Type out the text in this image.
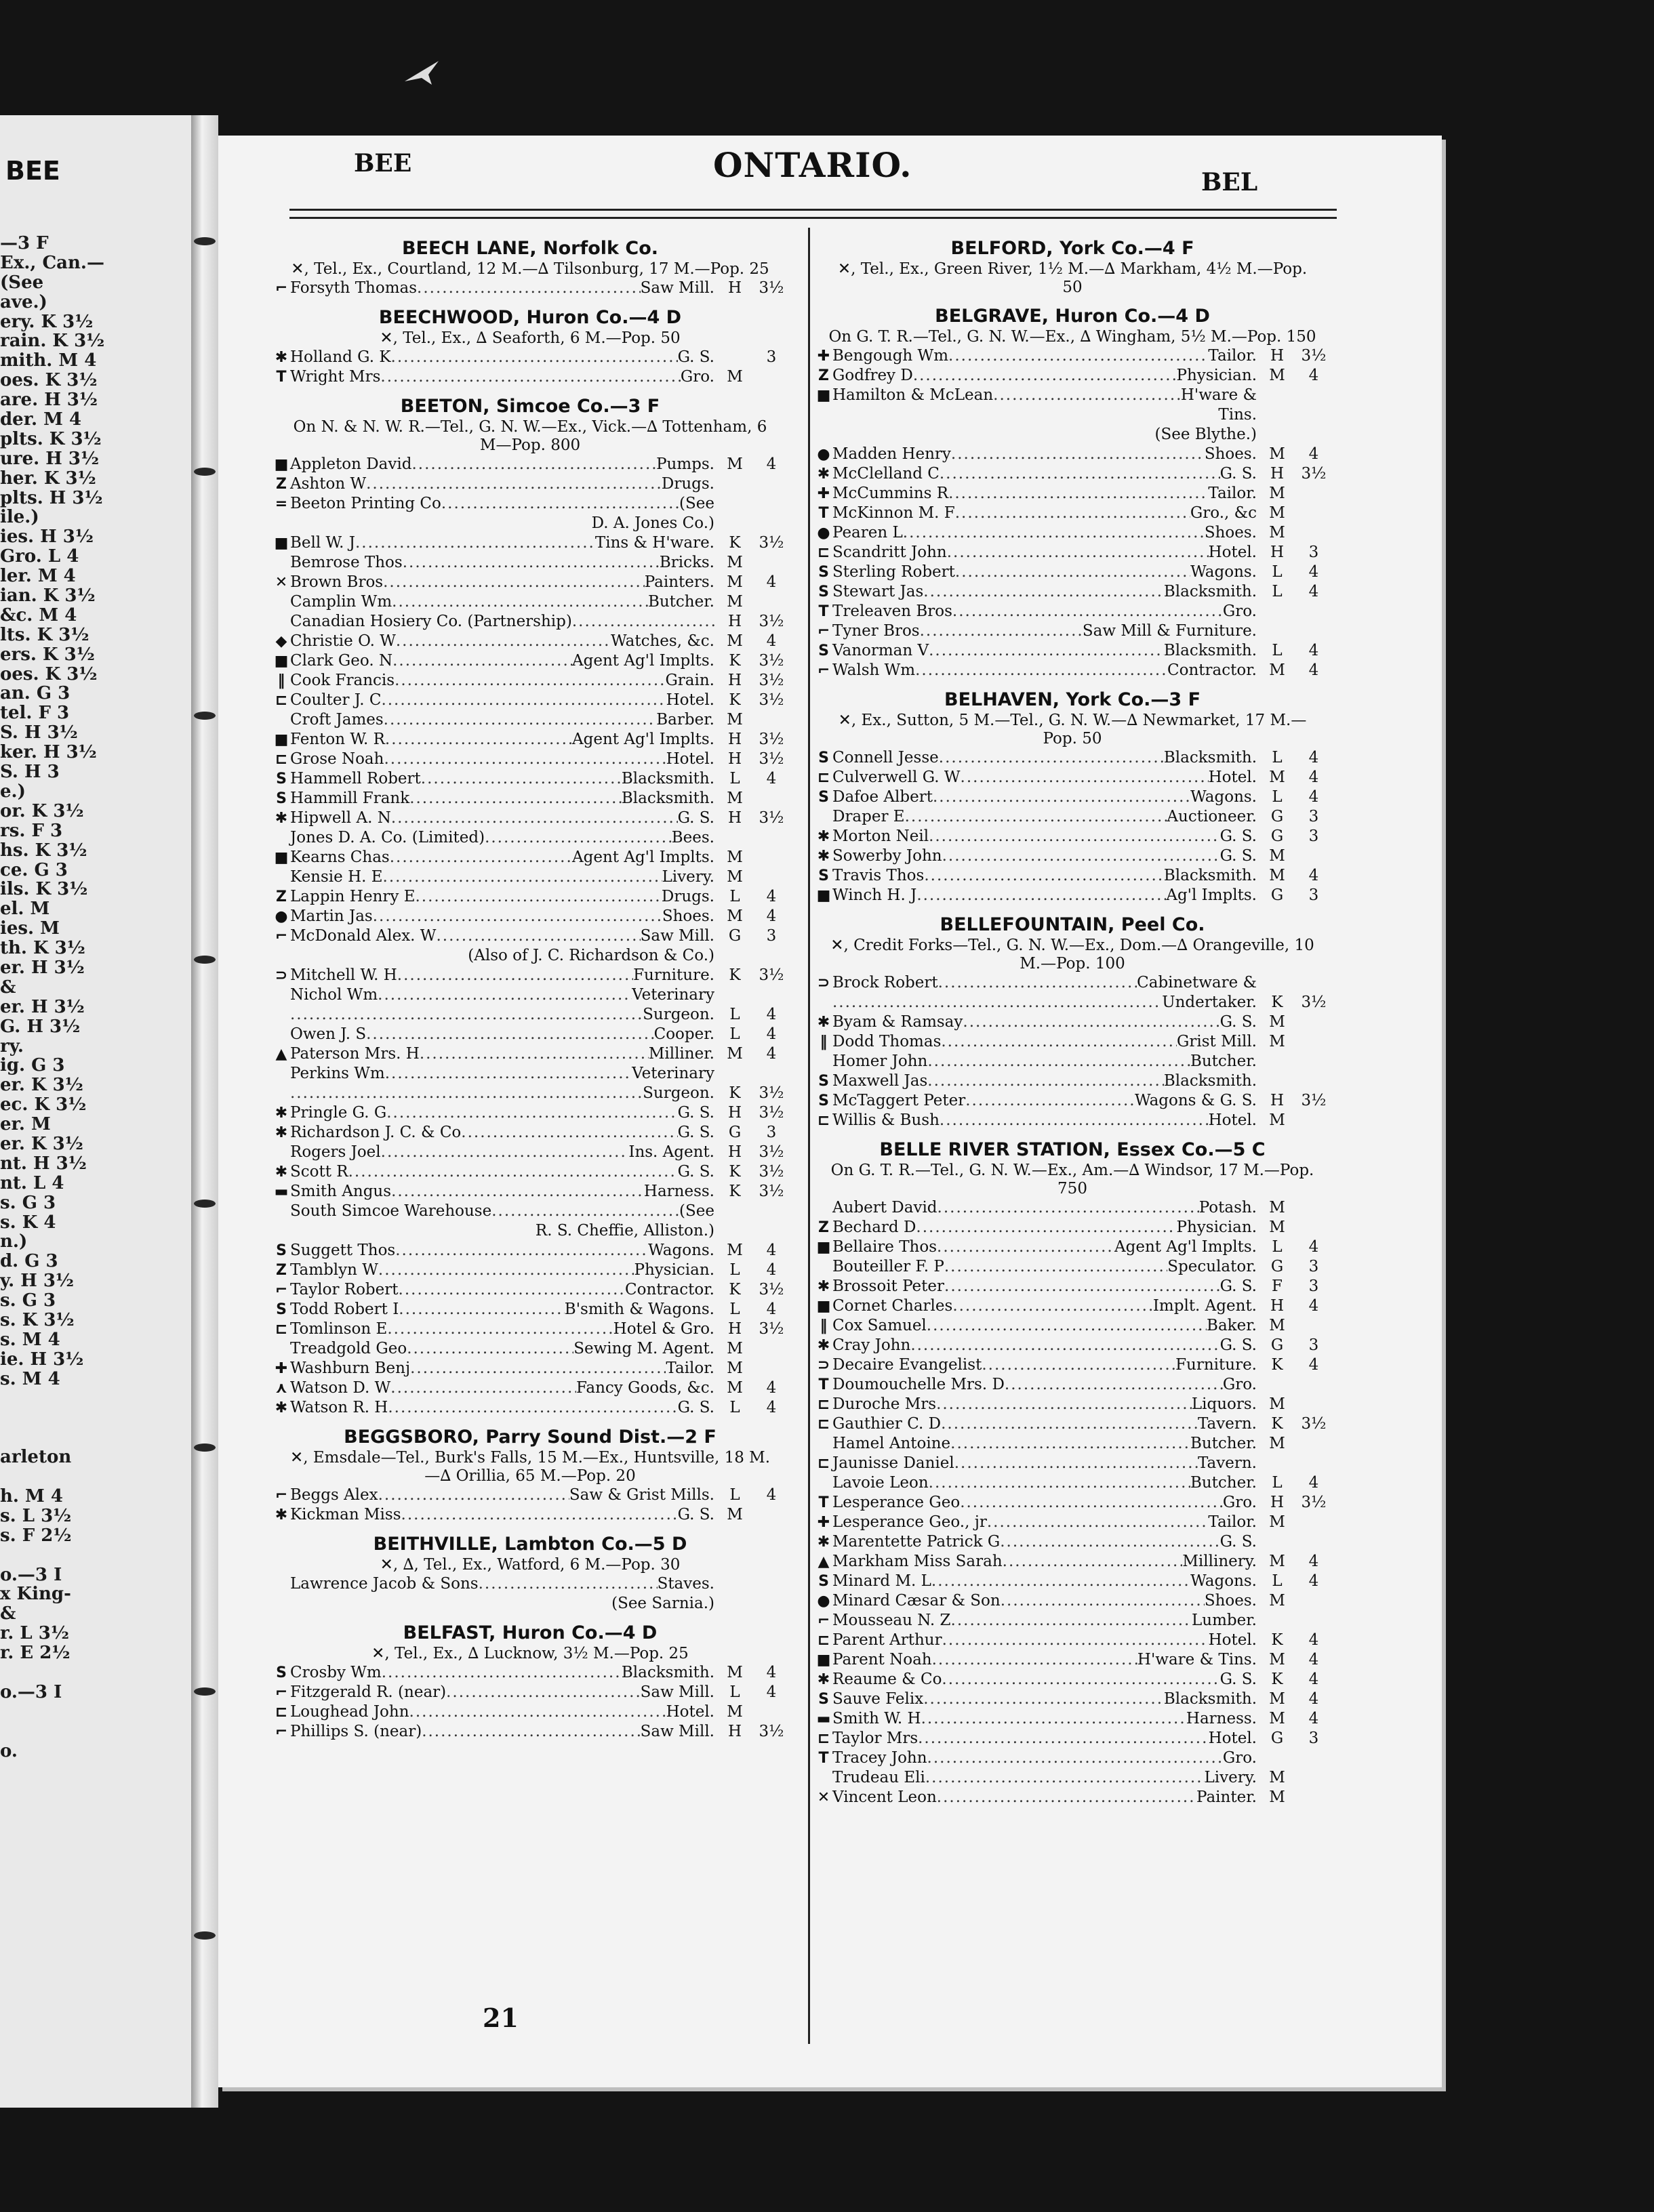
BEE
—3 F
Ex., Can.—
(See
ave.)
ery. K 3½
rain. K 3½
mith. M 4
oes. K 3½
are. H 3½
der. M 4
plts. K 3½
ure. H 3½
her. K 3½
plts. H 3½
ile.)
ies. H 3½
Gro. L 4
ler. M 4
ian. K 3½
&c. M 4
lts. K 3½
ers. K 3½
oes. K 3½
an. G 3
tel. F 3
S. H 3½
ker. H 3½
S. H 3
e.)
or. K 3½
rs. F 3
hs. K 3½
ce. G 3
ils. K 3½
el. M
ies. M
th. K 3½
er. H 3½
&
er. H 3½
G. H 3½
ry.
ig. G 3
er. K 3½
ec. K 3½
er. M
er. K 3½
nt. H 3½
nt. L 4
s. G 3
s. K 4
n.)
d. G 3
y. H 3½
s. G 3
s. K 3½
s. M 4
ie. H 3½
s. M 4
arleton
h. M 4
s. L 3½
s. F 2½
o.—3 I
x King-
&
r. L 3½
r. E 2½
o.—3 I
o.
BEE	ONTARIO.	BEL
BEECH LANE, Norfolk Co.
✕, Tel., Ex., Courtland, 12 M.—∆ Tilsonburg, 17 M.—Pop. 25
⌐ Forsyth Thomas .....	Saw Mill. H	3½
BEECHWOOD, Huron Co.—4 D
✕, Tel., Ex., ∆ Seaforth, 6 M.—Pop. 50
✱ Holland G. K .....	G. S.	3
T Wright Mrs .....	Gro. M
BEETON, Simcoe Co.—3 F
On N. & N. W. R.—Tel., G. N. W.—Ex., Vick.—∆ Tottenham, 6 M—Pop. 800
■ Appleton David .....	Pumps. M	4
Z Ashton W .....	Drugs.
= Beeton Printing Co .....	(See
D. A. Jones Co.)
■ Bell W. J .....	Tins & H'ware. K	3½
Bemrose Thos .....	Bricks. M
✕ Brown Bros .....	Painters. M	4
Camplin Wm .....	Butcher. M
Canadian Hosiery Co. (Partnership) .....	H	3½
◆ Christie O. W .....	Watches, &c. M	4
■ Clark Geo. N .....	Agent Ag'l Implts. K	3½
‖ Cook Francis .....	Grain. H	3½
⊏ Coulter J. C .....	Hotel. K	3½
Croft James .....	Barber. M
■ Fenton W. R .....	Agent Ag'l Implts. H	3½
⊏ Grose Noah .....	Hotel. H	3½
S Hammell Robert .....	Blacksmith. L	4
S Hammill Frank .....	Blacksmith. M
✱ Hipwell A. N .....	G. S. H	3½
Jones D. A. Co. (Limited) .....	Bees.
■ Kearns Chas .....	Agent Ag'l Implts. M
Kensie H. E .....	Livery. M
Z Lappin Henry E .....	Drugs. L	4
● Martin Jas .....	Shoes. M	4
⌐ McDonald Alex. W .....	Saw Mill. G	3
(Also of J. C. Richardson & Co.)
⊃ Mitchell W. H .....	Furniture. K	3½
Nichol Wm .....	Veterinary
.....
Surgeon. L	4
Owen J. S .....	Cooper. L	4
▲ Paterson Mrs. H .....	Milliner. M	4
Perkins Wm .....	Veterinary
.....
Surgeon. K	3½
✱ Pringle G. G .....	G. S. H	3½
✱ Richardson J. C. & Co .....	G. S. G	3
Rogers Joel .....	Ins. Agent. H	3½
✱ Scott R .....	G. S. K	3½
▬ Smith Angus .....	Harness. K	3½
South Simcoe Warehouse .....	(See
R. S. Cheffie, Alliston.)
S Suggett Thos .....	Wagons. M	4
Z Tamblyn W .....	Physician. L	4
⌐ Taylor Robert .....	Contractor. K	3½
S Todd Robert I .....	B'smith & Wagons. L	4
⊏ Tomlinson E .....	Hotel & Gro. H	3½
Treadgold Geo .....	Sewing M. Agent. M
✚ Washburn Benj .....	Tailor. M
⋏ Watson D. W .....	Fancy Goods, &c. M	4
✱ Watson R. H .....	G. S. L	4
BEGGSBORO, Parry Sound Dist.—2 F
✕, Emsdale—Tel., Burk's Falls, 15 M.—Ex., Huntsville, 18 M.—∆ Orillia, 65 M.—Pop. 20
⌐ Beggs Alex .....	Saw & Grist Mills. L	4
✱ Kickman Miss .....	G. S. M
BEITHVILLE, Lambton Co.—5 D
✕, ∆, Tel., Ex., Watford, 6 M.—Pop. 30
Lawrence Jacob & Sons .....	Staves.
(See Sarnia.)
BELFAST, Huron Co.—4 D
✕, Tel., Ex., ∆ Lucknow, 3½ M.—Pop. 25
S Crosby Wm .....	Blacksmith. M	4
⌐ Fitzgerald R. (near) .....	Saw Mill. L	4
⊏ Loughead John .....	Hotel. M
⌐ Phillips S. (near) .....	Saw Mill. H	3½
BELFORD, York Co.—4 F
✕, Tel., Ex., Green River, 1½ M.—∆ Markham, 4½ M.—Pop. 50
BELGRAVE, Huron Co.—4 D
On G. T. R.—Tel., G. N. W.—Ex., ∆ Wingham, 5½ M.—Pop. 150
✚ Bengough Wm .....	Tailor. H	3½
Z Godfrey D .....	Physician. M	4
■ Hamilton & McLean .....	H'ware &
Tins.
(See Blythe.)
● Madden Henry .....	Shoes. M	4
✱ McClelland C .....	G. S. H	3½
✚ McCummins R .....	Tailor. M
T McKinnon M. F .....	Gro., &c M
● Pearen L .....	Shoes. M
⊏ Scandritt John .....	Hotel. H	3
S Sterling Robert .....	Wagons. L	4
S Stewart Jas .....	Blacksmith. L	4
T Treleaven Bros .....	Gro.
⌐ Tyner Bros .....	Saw Mill & Furniture.
S Vanorman V .....	Blacksmith. L	4
⌐ Walsh Wm .....	Contractor. M	4
BELHAVEN, York Co.—3 F
✕, Ex., Sutton, 5 M.—Tel., G. N. W.—∆ Newmarket, 17 M.—Pop. 50
S Connell Jesse .....	Blacksmith. L	4
⊏ Culverwell G. W .....	Hotel. M	4
S Dafoe Albert .....	Wagons. L	4
Draper E .....	Auctioneer. G	3
✱ Morton Neil .....	G. S. G	3
✱ Sowerby John .....	G. S. M
S Travis Thos .....	Blacksmith. M	4
■ Winch H. J .....	Ag'l Implts. G	3
BELLEFOUNTAIN, Peel Co.
✕, Credit Forks—Tel., G. N. W.—Ex., Dom.—∆ Orangeville, 10 M.—Pop. 100
⊃ Brock Robert .....	Cabinetware &
.....
Undertaker. K	3½
✱ Byam & Ramsay .....	G. S. M
‖ Dodd Thomas .....	Grist Mill. M
Homer John .....	Butcher.
S Maxwell Jas .....	Blacksmith.
S McTaggert Peter .....	Wagons & G. S. H	3½
⊏ Willis & Bush .....	Hotel. M
BELLE RIVER STATION, Essex Co.—5 C
On G. T. R.—Tel., G. N. W.—Ex., Am.—∆ Windsor, 17 M.—Pop. 750
Aubert David .....	Potash. M
Z Bechard D .....	Physician. M
■ Bellaire Thos .....	Agent Ag'l Implts. L	4
Bouteiller F. P .....	Speculator. G	3
✱ Brossoit Peter .....	G. S. F	3
■ Cornet Charles .....	Implt. Agent. H	4
‖ Cox Samuel .....	Baker. M
✱ Cray John .....	G. S. G	3
⊃ Decaire Evangelist .....	Furniture. K	4
T Doumouchelle Mrs. D .....	Gro.
⊏ Duroche Mrs .....	Liquors. M
⊏ Gauthier C. D .....	Tavern. K	3½
Hamel Antoine .....	Butcher. M
⊏ Jaunisse Daniel .....	Tavern.
Lavoie Leon .....	Butcher. L	4
T Lesperance Geo .....	Gro. H	3½
✚ Lesperance Geo., jr .....	Tailor. M
✱ Marentette Patrick G .....	G. S.
▲ Markham Miss Sarah .....	Millinery. M	4
S Minard M. L .....	Wagons. L	4
● Minard Cæsar & Son .....	Shoes. M
⌐ Mousseau N. Z .....	Lumber.
⊏ Parent Arthur .....	Hotel. K	4
■ Parent Noah .....	H'ware & Tins. M	4
✱ Reaume & Co .....	G. S. K	4
S Sauve Felix .....	Blacksmith. M	4
▬ Smith W. H .....	Harness. M	4
⊏ Taylor Mrs .....	Hotel. G	3
T Tracey John .....	Gro.
Trudeau Eli .....	Livery. M
✕ Vincent Leon .....	Painter. M
21
